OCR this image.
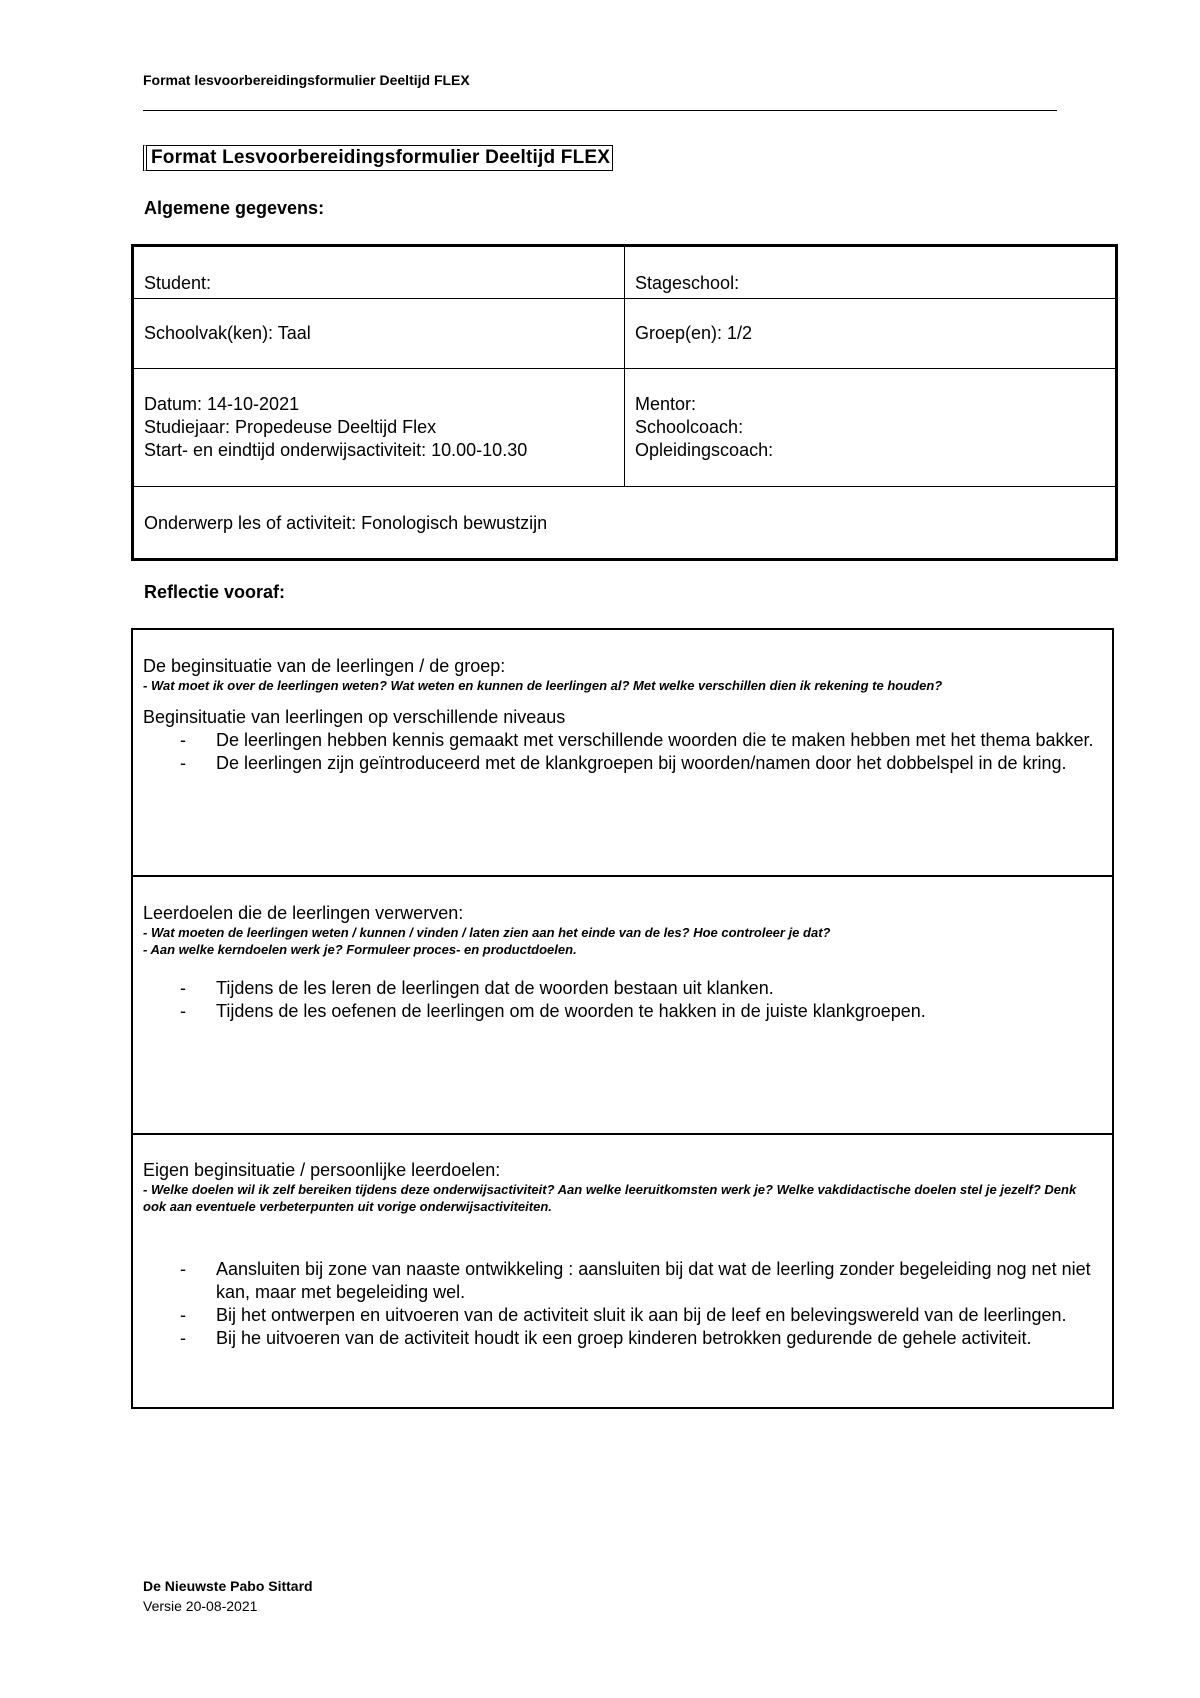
Format lesvoorbereidingsformulier Deeltijd FLEX
Format Lesvoorbereidingsformulier Deeltijd FLEX
Algemene gegevens:
Student:	Stageschool:
Schoolvak(ken): Taal	Groep(en): 1/2
Datum: 14-10-2021
Studiejaar: Propedeuse Deeltijd Flex
Start- en eindtijd onderwijsactiviteit: 10.00-10.30
Mentor:
Schoolcoach:
Opleidingscoach:
Onderwerp les of activiteit: Fonologisch bewustzijn
Reflectie vooraf:
De beginsituatie van de leerlingen / de groep:
- Wat moet ik over de leerlingen weten? Wat weten en kunnen de leerlingen al? Met welke verschillen dien ik rekening te houden?
Beginsituatie van leerlingen op verschillende niveaus
- De leerlingen hebben kennis gemaakt met verschillende woorden die te maken hebben met het thema bakker.
- De leerlingen zijn geïntroduceerd met de klankgroepen bij woorden/namen door het dobbelspel in de kring.
Leerdoelen die de leerlingen verwerven:
- Wat moeten de leerlingen weten / kunnen / vinden / laten zien aan het einde van de les? Hoe controleer je dat?
- Aan welke kerndoelen werk je? Formuleer proces- en productdoelen.
- Tijdens de les leren de leerlingen dat de woorden bestaan uit klanken.
- Tijdens de les oefenen de leerlingen om de woorden te hakken in de juiste klankgroepen.
Eigen beginsituatie / persoonlijke leerdoelen:
- Welke doelen wil ik zelf bereiken tijdens deze onderwijsactiviteit? Aan welke leeruitkomsten werk je? Welke vakdidactische doelen stel je jezelf? Denk ook aan eventuele verbeterpunten uit vorige onderwijsactiviteiten.
- Aansluiten bij zone van naaste ontwikkeling : aansluiten bij dat wat de leerling zonder begeleiding nog net niet kan, maar met begeleiding wel.
- Bij het ontwerpen en uitvoeren van de activiteit sluit ik aan bij de leef en belevingswereld van de leerlingen.
- Bij he uitvoeren van de activiteit houdt ik een groep kinderen betrokken gedurende de gehele activiteit.
De Nieuwste Pabo Sittard
Versie 20-08-2021
